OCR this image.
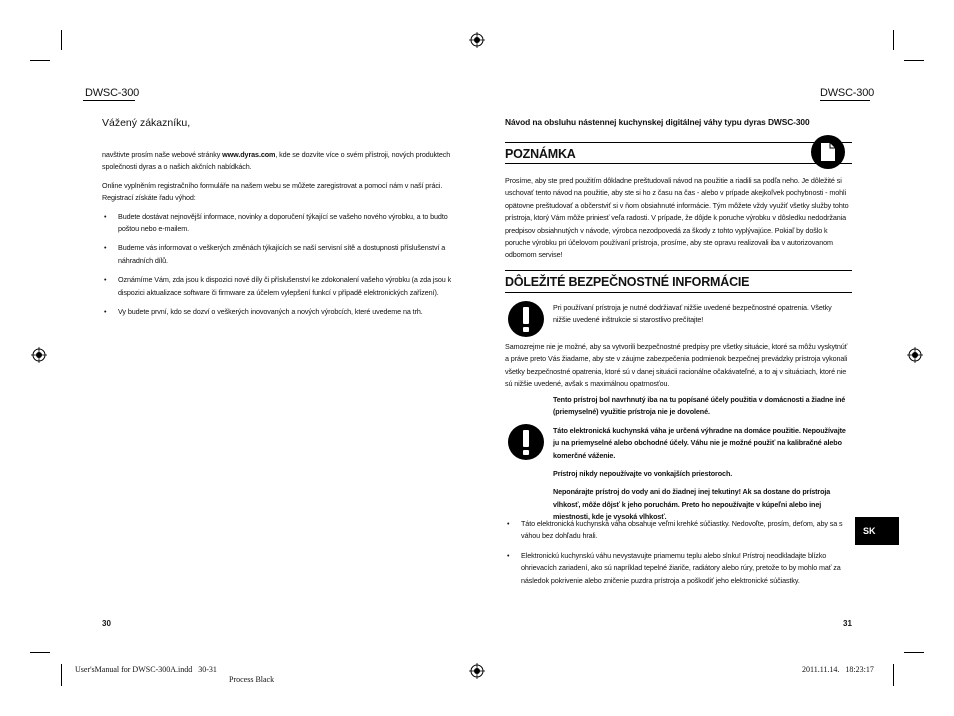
DWSC-300
Vážený zákazníku,

navštivte prosím naše webové stránky www.dyras.com, kde se dozvíte více o svém přístroji, nových produktech společnosti dyras a o našich akčních nabídkách.

Online vyplněním registračního formuláře na našem webu se můžete zaregistrovat a pomocí nám v naší práci. Registrací získáte řadu výhod:

• Budete dostávat nejnovější informace, novinky a doporučení týkající se vašeho nového výrobku, a to budto poštou nebo e-mailem.
• Budeme vás informovat o veškerých změnách týkajících se naší servisní sítě a dostupnosti příslušenství a náhradních dílů.
• Oznámíme Vám, zda jsou k dispozici nové díly či příslušenství ke zdokonalení vašeho výrobku (a zda jsou k dispozici aktualizace software či firmware za účelem vylepšení funkcí v případě elektronických zařízení).
• Vy budete první, kdo se dozví o veškerých inovovaných a nových výrobcích, které uvedeme na trh.
30
DWSC-300
Návod na obsluhu nástennej kuchynskej digitálnej váhy typu dyras DWSC-300
POZNÁMKA
Prosíme, aby ste pred použitím dôkladne preštudovali návod na použitie a riadili sa podľa neho. Je dôležité si uschovať tento návod na použitie, aby ste si ho z času na čas - alebo v prípade akejkoľvek pochybnosti - mohli opätovne preštudovať a občerstviť si v ňom obsiahnuté informácie. Tým môžete vždy využiť všetky služby tohto prístroja, ktorý Vám môže priniesť veľa radosti. V prípade, že dôjde k poruche výrobku v dôsledku nedodržania predpisov obsiahnutých v návode, výrobca nezodpovedá za škody z tohto vyplývajúce. Pokiaľ by došlo k poruche výrobku pri účelovom používaní prístroja, prosíme, aby ste opravu realizovali iba v autorizovanom odbornom servise!
DÔLEŽITÉ BEZPEČNOSTNÉ INFORMÁCIE
Pri používaní prístroja je nutné dodržiavať nižšie uvedené bezpečnostné opatrenia. Všetky nižšie uvedené inštrukcie si starostlivo prečítajte!
Samozrejme nie je možné, aby sa vytvorili bezpečnostné predpisy pre všetky situácie, ktoré sa môžu vyskytnúť a práve preto Vás žiadame, aby ste v záujme zabezpečenia podmienok bezpečnej prevádzky prístroja vykonali všetky bezpečnostné opatrenia, ktoré sú v danej situácii racionálne očakávateľné, a to aj v situáciach, ktoré nie sú nižšie uvedené, avšak s maximálnou opatrnosťou.

Tento prístroj bol navrhnutý iba na tu popísané účely použitia v domácnosti a žiadne iné (priemyselné) využitie prístroja nie je dovolené.

Táto elektronická kuchynská váha je určená výhradne na domáce použitie. Nepoužívajte ju na priemyselné alebo obchodné účely. Váhu nie je možné použiť na kalibračné alebo komerčné váženie.

Prístroj nikdy nepoužívajte vo vonkajších priestoroch.

Neponárajte prístroj do vody ani do žiadnej inej tekutiny! Ak sa dostane do prístroja vlhkosť, môže dôjsť k jeho poruchám. Preto ho nepoužívajte v kúpeľni alebo inej miestnosti, kde je vysoká vlhkosť.

• Táto elektronická kuchynská váha obsahuje veľmi krehké súčiastky. Nedovoľte, prosím, deťom, aby sa s váhou bez dohľadu hrali.
• Elektronickú kuchynskú váhu nevystavujte priamemu teplu alebo slnku! Prístroj neodkladajte blízko ohrievacích zariadení, ako sú napríklad tepelné žiariče, radiátory alebo rúry, pretože to by mohlo mať za následok pokrivenie alebo zničenie puzdra prístroja a poškodiť jeho elektronické súčiastky.
SK
31
User'sManual for DWSC-300A.indd   30-31
Process Black
2011.11.14.   18:23:17
